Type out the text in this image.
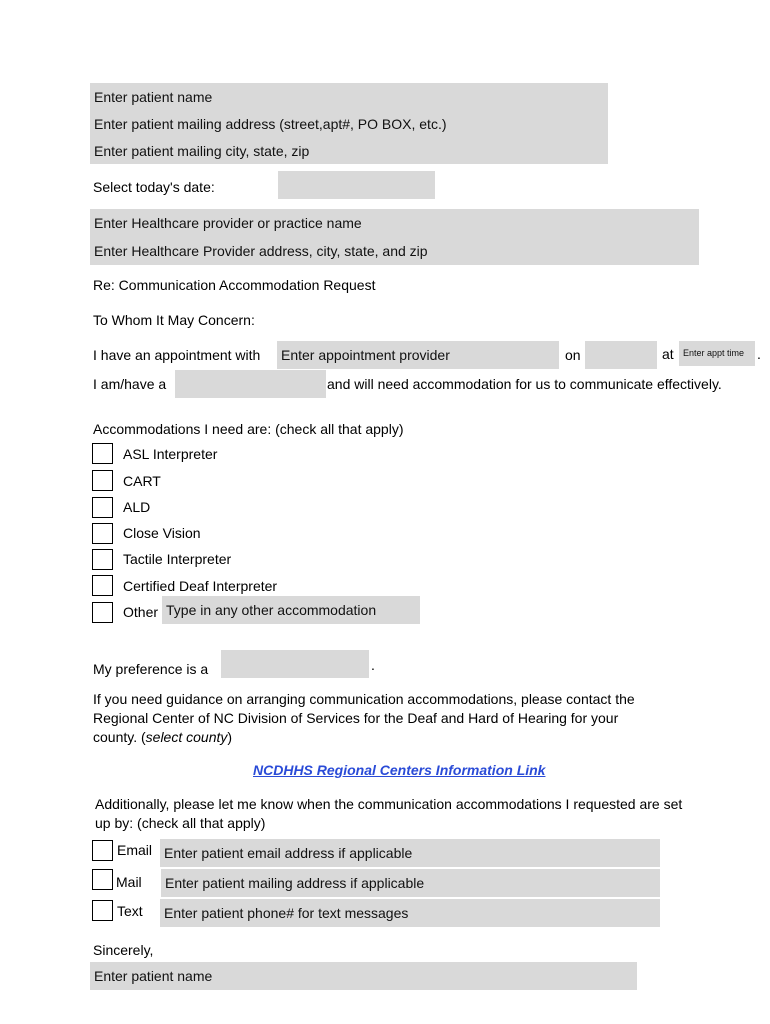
Enter patient name
Enter patient mailing address (street,apt#, PO BOX, etc.)
Enter patient mailing city, state, zip
Select today's date:
Enter Healthcare provider or practice name
Enter Healthcare Provider address, city, state, and zip
Re: Communication Accommodation Request
To Whom It May Concern:
I have an appointment with Enter appointment provider	on	at	Enter appt time .
I am/have a	and will need accommodation for us to communicate effectively.
Accommodations I need are: (check all that apply)
ASL Interpreter
CART
ALD
Close Vision
Tactile Interpreter
Certified Deaf Interpreter
Other Type in any other accommodation
My preference is a	.
If you need guidance on arranging communication accommodations, please contact the
Regional Center of NC Division of Services for the Deaf and Hard of Hearing for your
county. (select county)
NCDHHS Regional Centers Information Link
Additionally, please let me know when the communication accommodations I requested are set
up by: (check all that apply)
Email Enter patient email address if applicable
Mail Enter patient mailing address if applicable
Text Enter patient phone# for text messages
Sincerely,
Enter patient name
